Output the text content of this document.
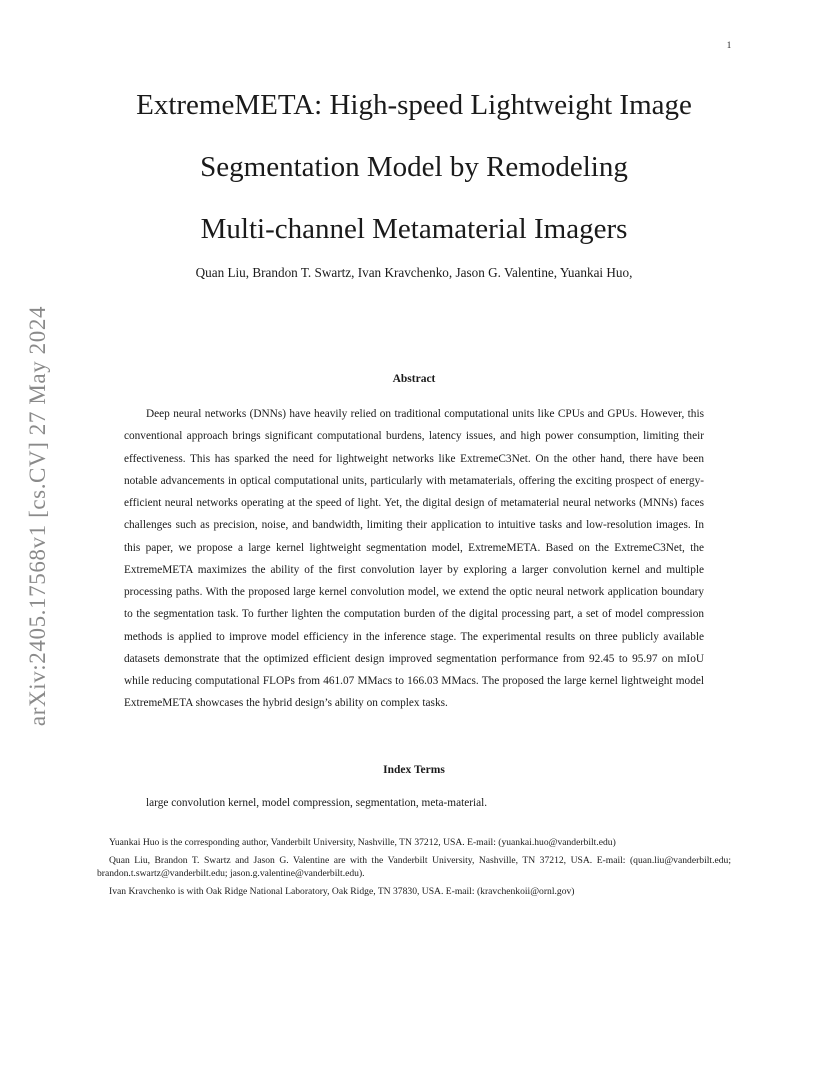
1
arXiv:2405.17568v1 [cs.CV] 27 May 2024
ExtremeMETA: High-speed Lightweight Image
Segmentation Model by Remodeling
Multi-channel Metamaterial Imagers
Quan Liu, Brandon T. Swartz, Ivan Kravchenko, Jason G. Valentine, Yuankai Huo,
Abstract

Deep neural networks (DNNs) have heavily relied on traditional computational units like CPUs and GPUs. However, this conventional approach brings significant computational burdens, latency issues, and high power consumption, limiting their effectiveness. This has sparked the need for lightweight networks like ExtremeC3Net. On the other hand, there have been notable advancements in optical computational units, particularly with metamaterials, offering the exciting prospect of energy-efficient neural networks operating at the speed of light. Yet, the digital design of metamaterial neural networks (MNNs) faces challenges such as precision, noise, and bandwidth, limiting their application to intuitive tasks and low-resolution images. In this paper, we propose a large kernel lightweight segmentation model, ExtremeMETA. Based on the ExtremeC3Net, the ExtremeMETA maximizes the ability of the first convolution layer by exploring a larger convolution kernel and multiple processing paths. With the proposed large kernel convolution model, we extend the optic neural network application boundary to the segmentation task. To further lighten the computation burden of the digital processing part, a set of model compression methods is applied to improve model efficiency in the inference stage. The experimental results on three publicly available datasets demonstrate that the optimized efficient design improved segmentation performance from 92.45 to 95.97 on mIoU while reducing computational FLOPs from 461.07 MMacs to 166.03 MMacs. The proposed the large kernel lightweight model ExtremeMETA showcases the hybrid design’s ability on complex tasks.

Index Terms
large convolution kernel, model compression, segmentation, meta-material.

Yuankai Huo is the corresponding author, Vanderbilt University, Nashville, TN 37212, USA. E-mail: (yuankai.huo@vanderbilt.edu)

Quan Liu, Brandon T. Swartz and Jason G. Valentine are with the Vanderbilt University, Nashville, TN 37212, USA. E-mail: (quan.liu@vanderbilt.edu; brandon.t.swartz@vanderbilt.edu; jason.g.valentine@vanderbilt.edu).

Ivan Kravchenko is with Oak Ridge National Laboratory, Oak Ridge, TN 37830, USA. E-mail: (kravchenkoii@ornl.gov)
